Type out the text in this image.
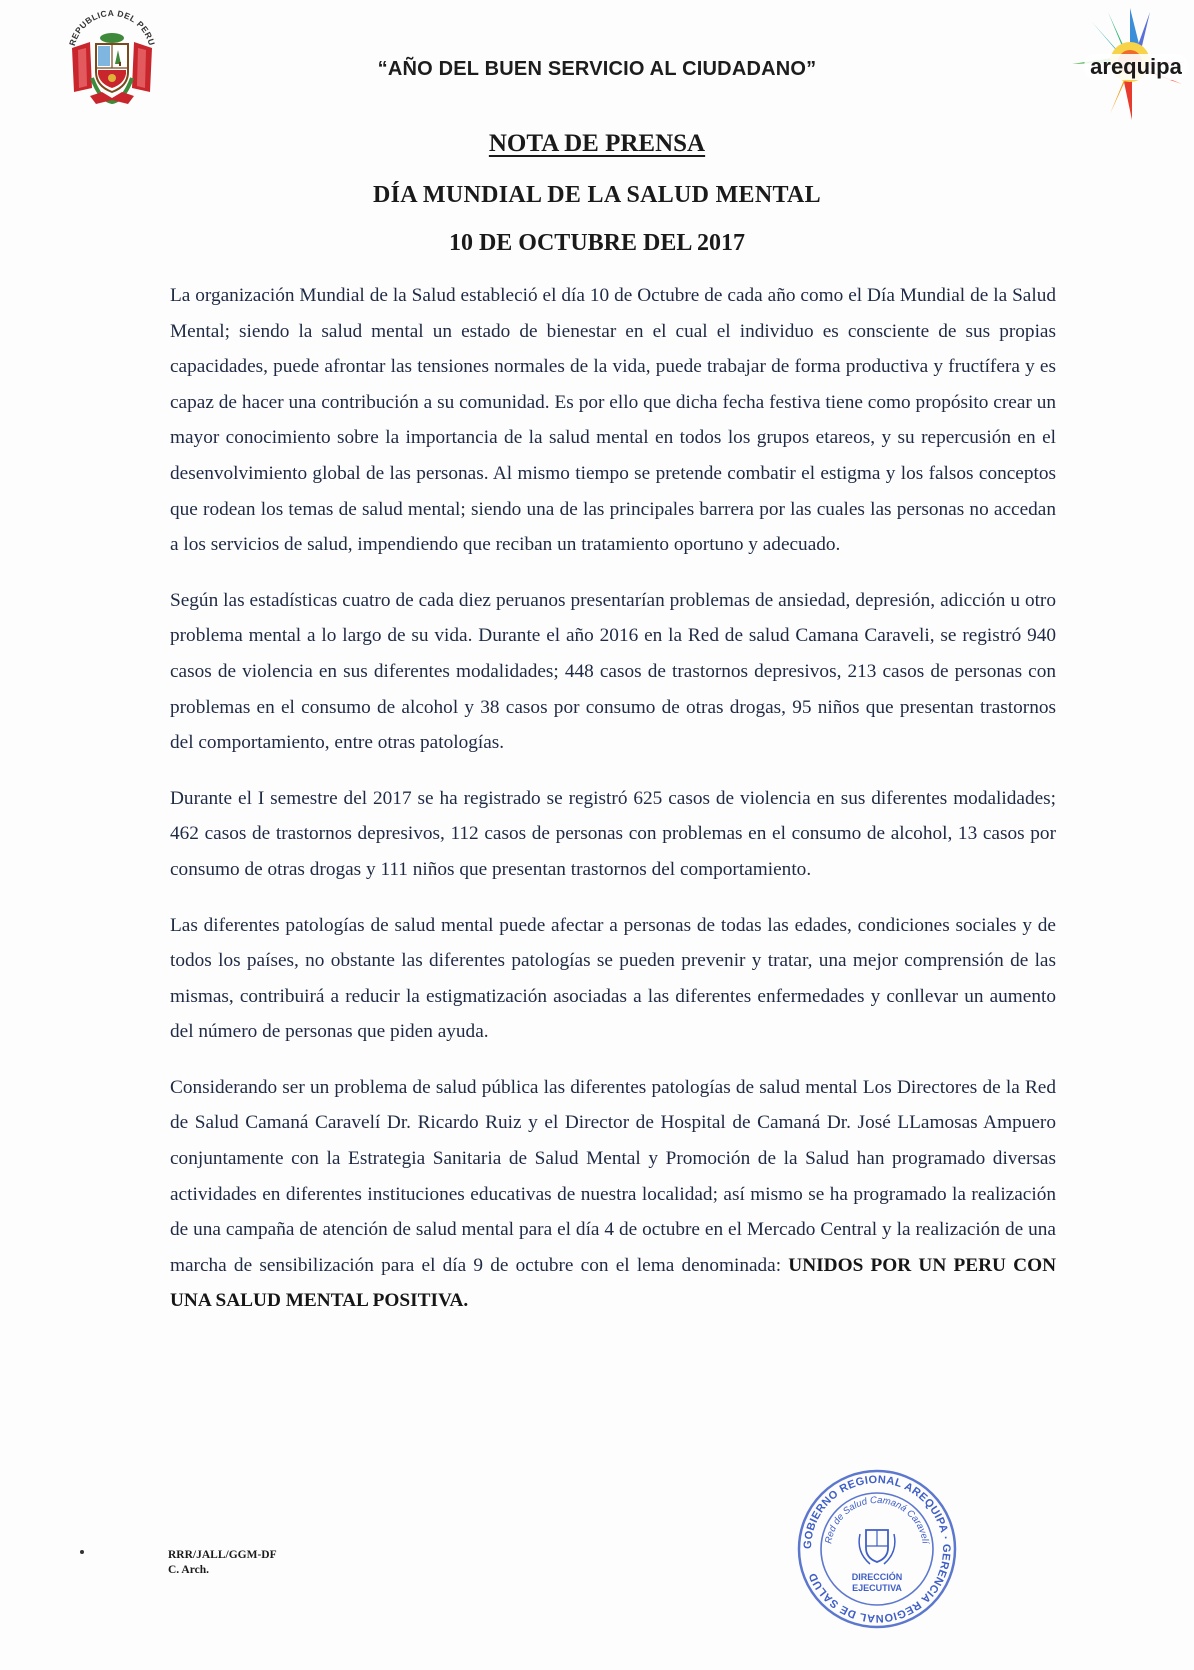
REPUBLICA DEL PERU
arequipa
“AÑO DEL BUEN SERVICIO AL CIUDADANO”
NOTA DE PRENSA
DÍA MUNDIAL DE LA SALUD MENTAL
10 DE OCTUBRE DEL 2017

La organización Mundial de la Salud estableció el día 10 de Octubre de cada año como el Día Mundial de la Salud Mental; siendo la salud mental un estado de bienestar en el cual el individuo es consciente de sus propias capacidades, puede afrontar las tensiones normales de la vida, puede trabajar de forma productiva y fructífera y es capaz de hacer una contribución a su comunidad. Es por ello que dicha fecha festiva tiene como propósito crear un mayor conocimiento sobre la importancia de la salud mental en todos los grupos etareos, y su repercusión en el desenvolvimiento global de las personas. Al mismo tiempo se pretende combatir el estigma y los falsos conceptos que rodean los temas de salud mental; siendo una de las principales barrera por las cuales las personas no accedan a los servicios de salud, impendiendo que reciban un tratamiento oportuno y adecuado.

Según las estadísticas cuatro de cada diez peruanos presentarían problemas de ansiedad, depresión, adicción u otro problema mental a lo largo de su vida. Durante el año 2016 en la Red de salud Camana Caraveli, se registró 940 casos de violencia en sus diferentes modalidades; 448 casos de trastornos depresivos, 213 casos de personas con problemas en el consumo de alcohol y 38 casos por consumo de otras drogas, 95 niños que presentan trastornos del comportamiento, entre otras patologías.

Durante el I semestre del 2017 se ha registrado se registró 625 casos de violencia en sus diferentes modalidades; 462 casos de trastornos depresivos, 112 casos de personas con problemas en el consumo de alcohol, 13 casos por consumo de otras drogas y 111 niños que presentan trastornos del comportamiento.

Las diferentes patologías de salud mental puede afectar a personas de todas las edades, condiciones sociales y de todos los países, no obstante las diferentes patologías se pueden prevenir y tratar, una mejor comprensión de las mismas, contribuirá a reducir la estigmatización asociadas a las diferentes enfermedades y conllevar un aumento del número de personas que piden ayuda.

Considerando ser un problema de salud pública las diferentes patologías de salud mental Los Directores de la Red de Salud Camaná Caravelí Dr. Ricardo Ruiz y el Director de Hospital de Camaná Dr. José LLamosas Ampuero conjuntamente con la Estrategia Sanitaria de Salud Mental y Promoción de la Salud han programado diversas actividades en diferentes instituciones educativas de nuestra localidad; así mismo se ha programado la realización de una campaña de atención de salud mental para el día 4 de octubre en el Mercado Central y la realización de una marcha de sensibilización para el día 9 de octubre con el lema denominada: UNIDOS POR UN PERU CON UNA SALUD MENTAL POSITIVA.

RRR/JALL/GGM-DF
C. Arch.
GOBIERNO REGIONAL AREQUIPA · GERENCIA REGIONAL DE SALUD
Red de Salud Camaná Caravelí
DIRECCIÓN
EJECUTIVA
